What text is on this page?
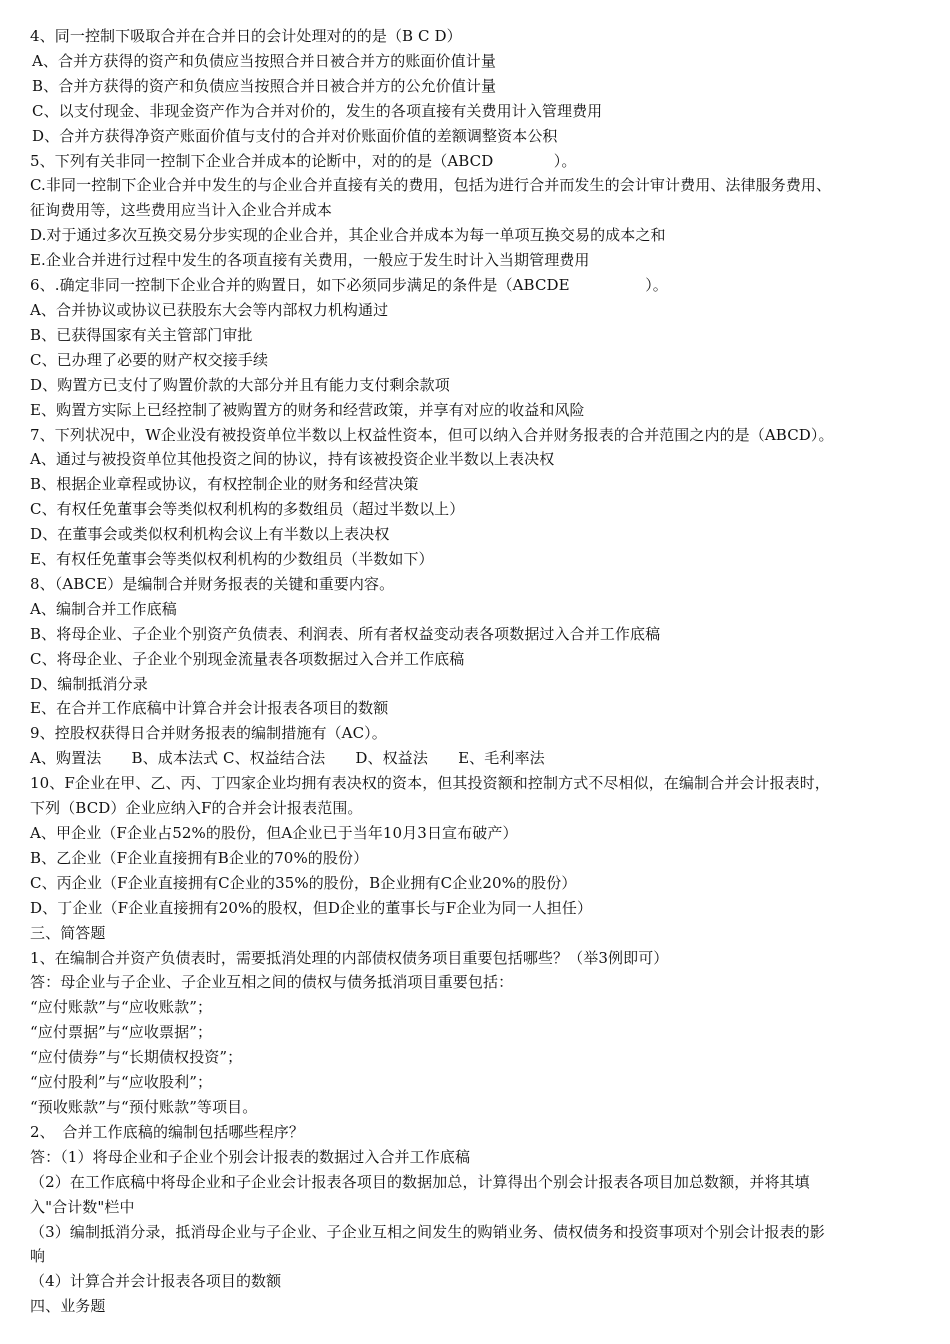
4、同一控制下吸取合并在合并日的会计处理对的的是（B C D）
A、合并方获得的资产和负债应当按照合并日被合并方的账面价值计量
B、合并方获得的资产和负债应当按照合并日被合并方的公允价值计量
C、以支付现金、非现金资产作为合并对价的，发生的各项直接有关费用计入管理费用
D、合并方获得净资产账面价值与支付的合并对价账面价值的差额调整资本公积
5、下列有关非同一控制下企业合并成本的论断中，对的的是（ABCD　　　　）。
C.非同一控制下企业合并中发生的与企业合并直接有关的费用，包括为进行合并而发生的会计审计费用、法律服务费用、
征询费用等，这些费用应当计入企业合并成本
D.对于通过多次互换交易分步实现的企业合并，其企业合并成本为每一单项互换交易的成本之和
E.企业合并进行过程中发生的各项直接有关费用，一般应于发生时计入当期管理费用
6、.确定非同一控制下企业合并的购置日，如下必须同步满足的条件是（ABCDE　　　　　）。
A、合并协议或协议已获股东大会等内部权力机构通过
B、已获得国家有关主管部门审批
C、已办理了必要的财产权交接手续
D、购置方已支付了购置价款的大部分并且有能力支付剩余款项
E、购置方实际上已经控制了被购置方的财务和经营政策，并享有对应的收益和风险
7、下列状况中，W企业没有被投资单位半数以上权益性资本，但可以纳入合并财务报表的合并范围之内的是（ABCD）。
A、通过与被投资单位其他投资之间的协议，持有该被投资企业半数以上表决权
B、根据企业章程或协议，有权控制企业的财务和经营决策
C、有权任免董事会等类似权利机构的多数组员（超过半数以上）
D、在董事会或类似权利机构会议上有半数以上表决权
E、有权任免董事会等类似权利机构的少数组员（半数如下）
8、（ABCE）是编制合并财务报表的关键和重要内容。
A、编制合并工作底稿
B、将母企业、子企业个别资产负债表、利润表、所有者权益变动表各项数据过入合并工作底稿
C、将母企业、子企业个别现金流量表各项数据过入合并工作底稿
D、编制抵消分录
E、在合并工作底稿中计算合并会计报表各项目的数额
9、控股权获得日合并财务报表的编制措施有（AC）。
A、购置法　　B、成本法式 C、权益结合法　　D、权益法　　E、毛利率法
10、F企业在甲、乙、丙、丁四家企业均拥有表决权的资本，但其投资额和控制方式不尽相似，在编制合并会计报表时，
下列（BCD）企业应纳入F的合并会计报表范围。
A、甲企业（F企业占52%的股份，但A企业已于当年10月3日宣布破产）
B、乙企业（F企业直接拥有B企业的70%的股份）
C、丙企业（F企业直接拥有C企业的35%的股份，B企业拥有C企业20%的股份）
D、丁企业（F企业直接拥有20%的股权，但D企业的董事长与F企业为同一人担任）
三、简答题
1、在编制合并资产负债表时，需要抵消处理的内部债权债务项目重要包括哪些？（举3例即可）
答：母企业与子企业、子企业互相之间的债权与债务抵消项目重要包括：
“应付账款”与“应收账款”；
“应付票据”与“应收票据”；
“应付债券”与“长期债权投资”；
“应付股利”与“应收股利”；
“预收账款”与“预付账款”等项目。
2、　合并工作底稿的编制包括哪些程序？
答：（1）将母企业和子企业个别会计报表的数据过入合并工作底稿
（2）在工作底稿中将母企业和子企业会计报表各项目的数据加总，计算得出个别会计报表各项目加总数额，并将其填
入"合计数"栏中
（3）编制抵消分录，抵消母企业与子企业、子企业互相之间发生的购销业务、债权债务和投资事项对个别会计报表的影
响
（4）计算合并会计报表各项目的数额
四、业务题
